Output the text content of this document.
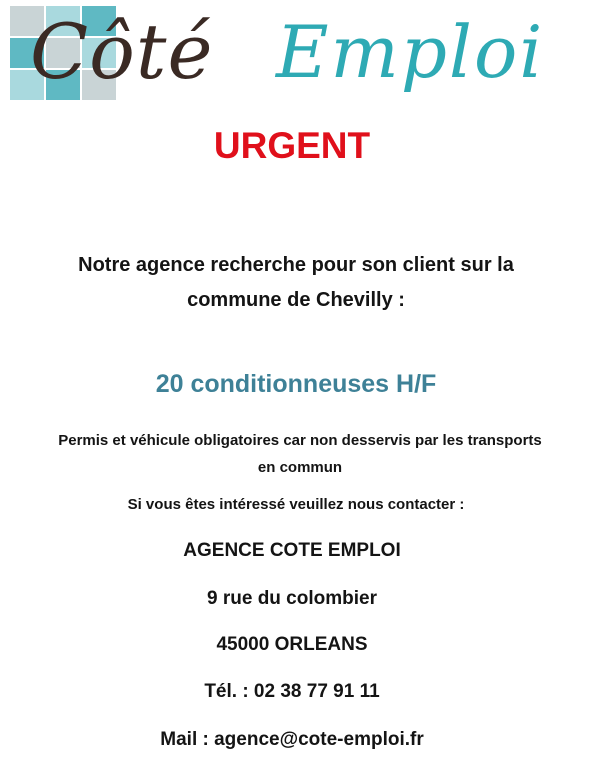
Côté Emploi
URGENT
Notre agence recherche pour son client sur la
commune de Chevilly :
20 conditionneuses H/F
Permis et véhicule obligatoires car non desservis par les transports
en commun
Si vous êtes intéressé veuillez nous contacter :
AGENCE COTE EMPLOI
9 rue du colombier
45000 ORLEANS
Tél. : 02 38 77 91 11
Mail : agence@cote-emploi.fr
